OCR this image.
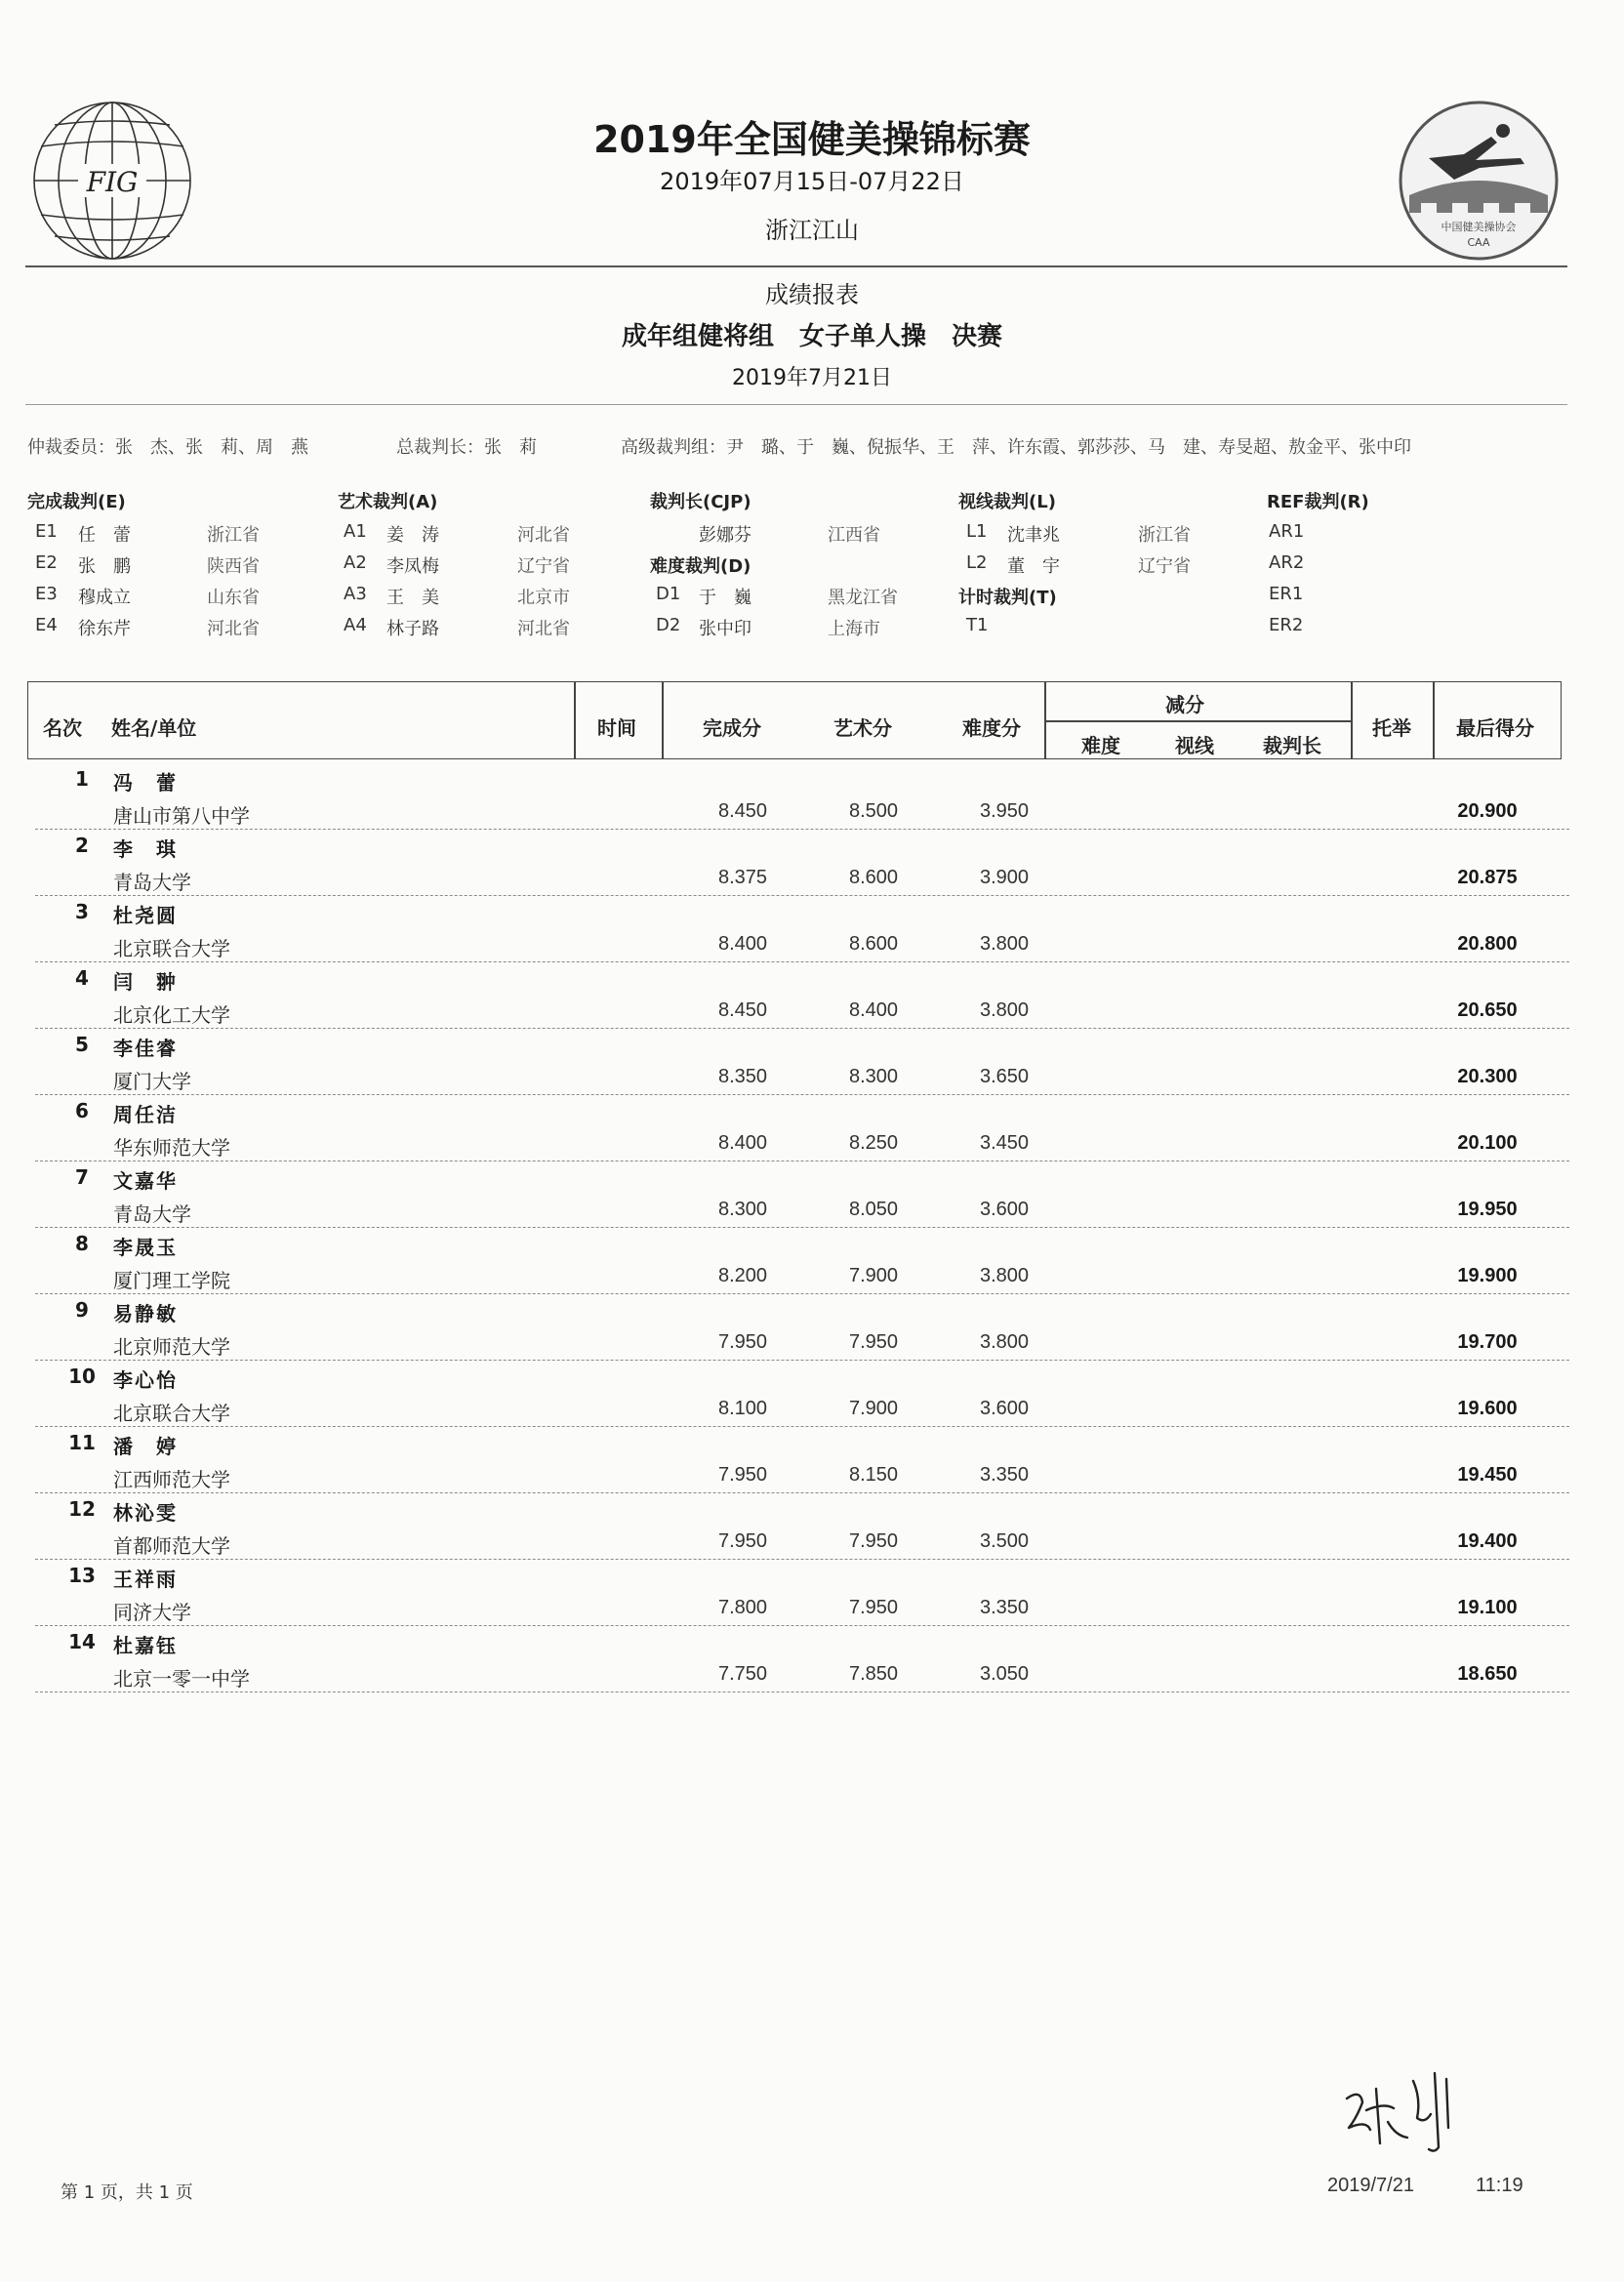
FIG
2019年全国健美操锦标赛
2019年07月15日-07月22日
浙江江山	中国健美操协会
CAA
成绩报表
成年组健将组　女子单人操　决赛
2019年7月21日
仲裁委员：张　杰、张　莉、周　燕	总裁判长：张　莉	高级裁判组：尹　璐、于　巍、倪振华、王　萍、许东霞、郭莎莎、马　建、寿旻超、敖金平、张中印
完成裁判(E)
E1 任　蕾	浙江省
E2 张　鹏	陕西省
E3 穆成立	山东省
E4 徐东芹	河北省
艺术裁判(A)
A1 姜　涛	河北省
A2 李凤梅	辽宁省
A3 王　美	北京市
A4 林子路	河北省
裁判长(CJP)
彭娜芬	江西省
难度裁判(D)
D1 于　巍	黑龙江省
D2 张中印	上海市
视线裁判(L)
L1 沈聿兆	浙江省
L2 董　宇	辽宁省
计时裁判(T)
T1
REF裁判(R)
AR1
AR2
ER1
ER2
名次 姓名/单位	时间	完成分	艺术分	难度分
减分
难度	视线	裁判长
托举 最后得分
1	冯　蕾
唐山市第八中学	8.450	8.500	3.950	20.900
2	李　琪
青岛大学	8.375	8.600	3.900	20.875
3	杜尧圆
北京联合大学	8.400	8.600	3.800	20.800
4	闫　翀
北京化工大学	8.450	8.400	3.800	20.650
5	李佳睿
厦门大学	8.350	8.300	3.650	20.300
6	周任洁
华东师范大学	8.400	8.250	3.450	20.100
7	文嘉华
青岛大学	8.300	8.050	3.600	19.950
8	李晟玉
厦门理工学院	8.200	7.900	3.800	19.900
9	易静敏
北京师范大学	7.950	7.950	3.800	19.700
10 李心怡
北京联合大学	8.100	7.900	3.600	19.600
11 潘　婷
江西师范大学	7.950	8.150	3.350	19.450
12 林沁雯
首都师范大学	7.950	7.950	3.500	19.400
13 王祥雨
同济大学	7.800	7.950	3.350	19.100
14 杜嘉钰
北京一零一中学	7.750	7.850	3.050	18.650
第 1 页，共 1 页	2019/7/21	11:19
